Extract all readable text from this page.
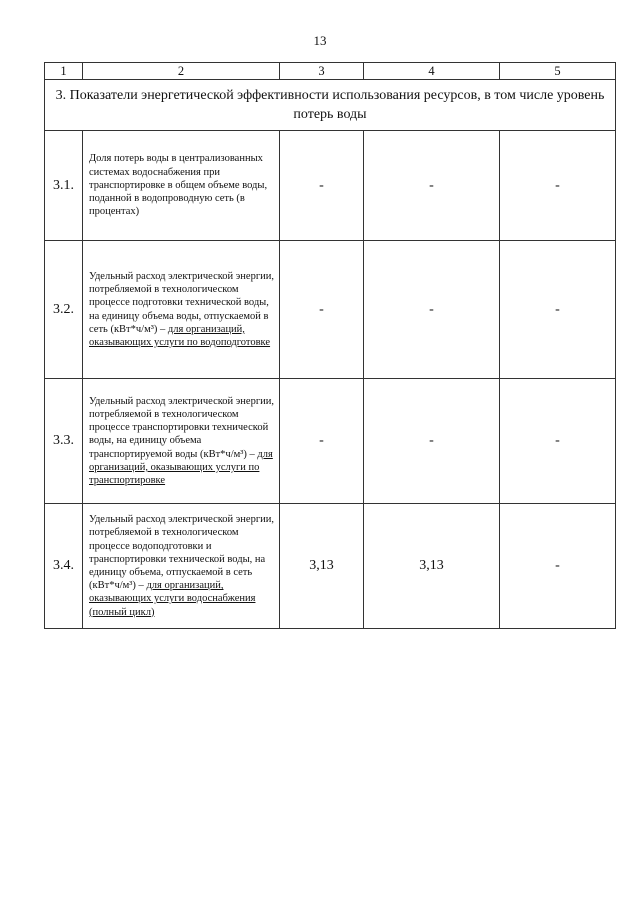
13
1	2	3	4	5
3. Показатели энергетической эффективности использования ресурсов, в том числе уровень потерь воды				
3.1.	Доля потерь воды в централизованных системах водоснабжения при транспортировке в общем объеме воды, поданной в водопроводную сеть (в процентах)	-	-	-
3.2.	Удельный расход электрической энергии, потребляемой в технологическом процессе подготовки технической воды, на единицу объема воды, отпускаемой в сеть (кВт*ч/м³) – для организаций, оказывающих услуги по водоподготовке	-	-	-
3.3.	Удельный расход электрической энергии, потребляемой в технологическом процессе транспортировки технической воды, на единицу объема транспортируемой воды (кВт*ч/м³) – для организаций, оказывающих услуги по транспортировке	-	-	-
3.4.	Удельный расход электрической энергии, потребляемой в технологическом процессе водоподготовки и транспортировки технической воды, на единицу объема, отпускаемой в сеть (кВт*ч/м³) – для организаций, оказывающих услуги водоснабжения (полный цикл)	3,13	3,13	-
